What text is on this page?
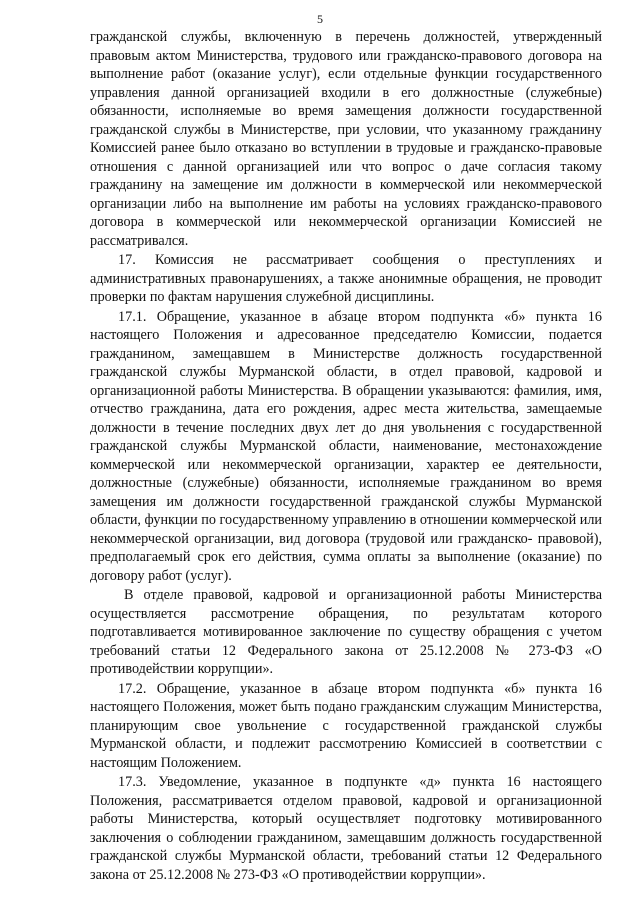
5

гражданской службы, включенную в перечень должностей, утвержденный правовым актом Министерства, трудового или гражданско-правового договора на выполнение работ (оказание услуг), если отдельные функции государственного управления данной организацией входили в его должностные (служебные) обязанности, исполняемые во время замещения должности государственной гражданской службы в Министерстве, при условии, что указанному гражданину Комиссией ранее было отказано во вступлении в трудовые и гражданско-правовые отношения с данной организацией или что вопрос о даче согласия такому гражданину на замещение им должности в коммерческой или некоммерческой организации либо на выполнение им работы на условиях гражданско-правового договора в коммерческой или некоммерческой организации Комиссией не рассматривался.

17. Комиссия не рассматривает сообщения о преступлениях и административных правонарушениях, а также анонимные обращения, не проводит проверки по фактам нарушения служебной дисциплины.

17.1. Обращение, указанное в абзаце втором подпункта «б» пункта 16 настоящего Положения и адресованное председателю Комиссии, подается гражданином, замещавшем в Министерстве должность государственной гражданской службы Мурманской области, в отдел правовой, кадровой и организационной работы Министерства. В обращении указываются: фамилия, имя, отчество гражданина, дата его рождения, адрес места жительства, замещаемые должности в течение последних двух лет до дня увольнения с государственной гражданской службы Мурманской области, наименование, местонахождение коммерческой или некоммерческой организации, характер ее деятельности, должностные (служебные) обязанности, исполняемые гражданином во время замещения им должности государственной гражданской службы Мурманской области, функции по государственному управлению в отношении коммерческой или некоммерческой организации, вид договора (трудовой или гражданско- правовой), предполагаемый срок его действия, сумма оплаты за выполнение (оказание) по договору работ (услуг).

В отделе правовой, кадровой и организационной работы Министерства осуществляется рассмотрение обращения, по результатам которого подготавливается мотивированное заключение по существу обращения с учетом требований статьи 12 Федерального закона от 25.12.2008 № 273-ФЗ «О противодействии коррупции».

17.2. Обращение, указанное в абзаце втором подпункта «б» пункта 16 настоящего Положения, может быть подано гражданским служащим Министерства, планирующим свое увольнение с государственной гражданской службы Мурманской области, и подлежит рассмотрению Комиссией в соответствии с настоящим Положением.

17.3. Уведомление, указанное в подпункте «д» пункта 16 настоящего Положения, рассматривается отделом правовой, кадровой и организационной работы Министерства, который осуществляет подготовку мотивированного заключения о соблюдении гражданином, замещавшим должность государственной гражданской службы Мурманской области, требований статьи 12 Федерального закона от 25.12.2008 № 273-ФЗ «О противодействии коррупции».
